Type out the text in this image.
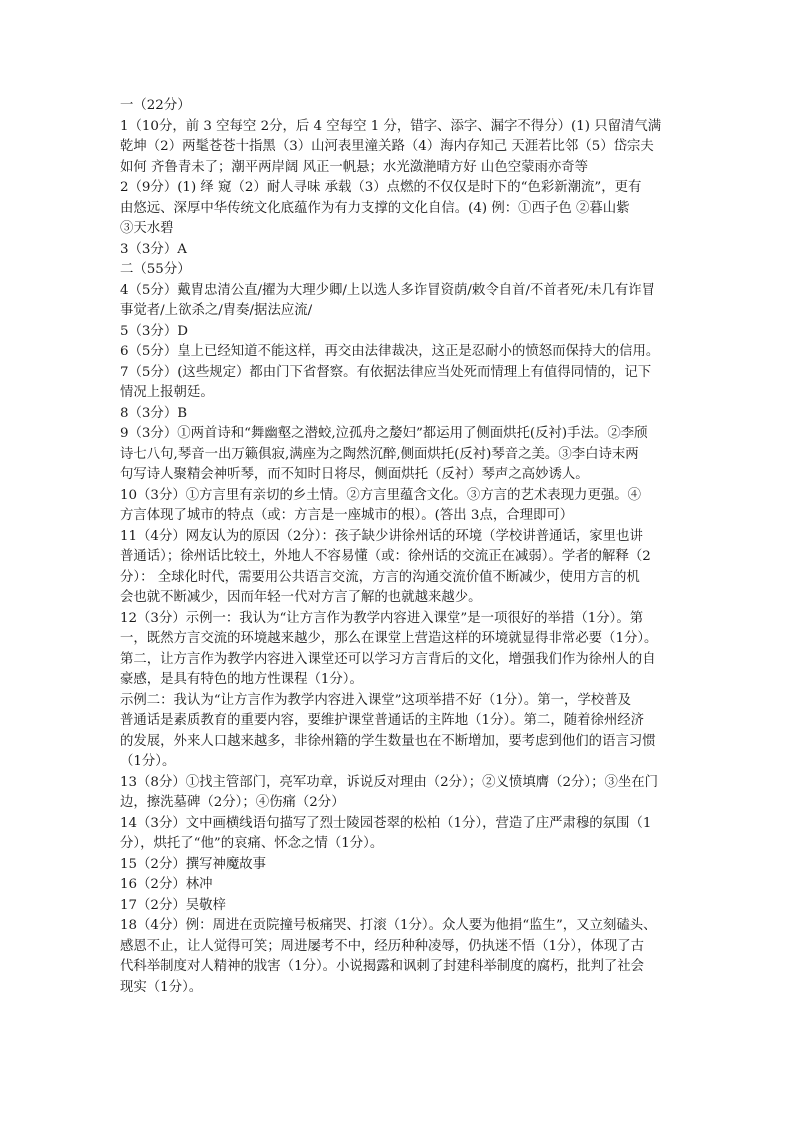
一（22分）
1（10分，前 3 空每空 2分，后 4 空每空 1 分，错字、添字、漏字不得分）(1) 只留清气满
乾坤（2）两髦苍苍十指黑（3）山河表里潼关路（4）海内存知己 天涯若比邻（5）岱宗夫
如何 齐鲁青未了；潮平两岸阔 风正一帆悬；水光潋滟晴方好 山色空蒙雨亦奇等
2（9分）(1) 绎 窥（2）耐人寻味 承载（3）点燃的不仅仅是时下的“色彩新潮流”，更有
由悠远、深厚中华传统文化底蕴作为有力支撑的文化自信。(4) 例：①西子色 ②暮山紫
③天水碧
3（3分）A
二（55分）
4（5分）戴胄忠清公直/擢为大理少卿/上以选人多诈冒资荫/敕令自首/不首者死/未几有诈冒
事觉者/上欲杀之/胄奏/据法应流/
5（3分）D
6（5分）皇上已经知道不能这样，再交由法律裁决，这正是忍耐小的愤怒而保持大的信用。
7（5分）(这些规定）都由门下省督察。有依据法律应当处死而情理上有值得同情的，记下
情况上报朝廷。
8（3分）B
9（3分）①两首诗和“舞幽壑之潜蛟,泣孤舟之嫠妇”都运用了侧面烘托(反衬)手法。②李颀
诗七八句,琴音一出万籁俱寂,满座为之陶然沉醉,侧面烘托(反衬)琴音之美。③李白诗末两
句写诗人聚精会神听琴，而不知时日将尽，侧面烘托（反衬）琴声之高妙诱人。
10（3分）①方言里有亲切的乡土情。②方言里蕴含文化。③方言的艺术表现力更强。④
方言体现了城市的特点（或：方言是一座城市的根）。(答出 3点，合理即可）
11（4分）网友认为的原因（2分）：孩子缺少讲徐州话的环境（学校讲普通话，家里也讲
普通话）；徐州话比较土，外地人不容易懂（或：徐州话的交流正在减弱）。学者的解释（2
分）： 全球化时代，需要用公共语言交流，方言的沟通交流价值不断减少，使用方言的机
会也就不断减少，因而年轻一代对方言了解的也就越来越少。
12（3分）示例一：我认为“让方言作为教学内容进入课堂”是一项很好的举措（1分）。第
一，既然方言交流的环境越来越少，那么在课堂上营造这样的环境就显得非常必要（1分）。
第二，让方言作为教学内容进入课堂还可以学习方言背后的文化，增强我们作为徐州人的自
豪感，是具有特色的地方性课程（1分）。
示例二：我认为“让方言作为教学内容进入课堂”这项举措不好（1分）。第一，学校普及
普通话是素质教育的重要内容，要维护课堂普通话的主阵地（1分）。第二，随着徐州经济
的发展，外来人口越来越多，非徐州籍的学生数量也在不断增加，要考虑到他们的语言习惯
（1分）。
13（8分）①找主管部门，亮军功章，诉说反对理由（2分）；②义愤填膺（2分）；③坐在门
边，擦洗墓碑（2分）；④伤痛（2分）
14（3分）文中画横线语句描写了烈士陵园苍翠的松柏（1分），营造了庄严肃穆的氛围（1
分），烘托了“他”的哀痛、怀念之情（1分）。
15（2分）撰写神魔故事
16（2分）林冲
17（2分）吴敬梓
18（4分）例：周进在贡院撞号板痛哭、打滚（1分）。众人要为他捐“监生”，又立刻磕头、
感恩不止，让人觉得可笑；周进屡考不中，经历种种凌辱，仍执迷不悟（1分），体现了古
代科举制度对人精神的戕害（1分）。小说揭露和讽刺了封建科举制度的腐朽，批判了社会
现实（1分）。
